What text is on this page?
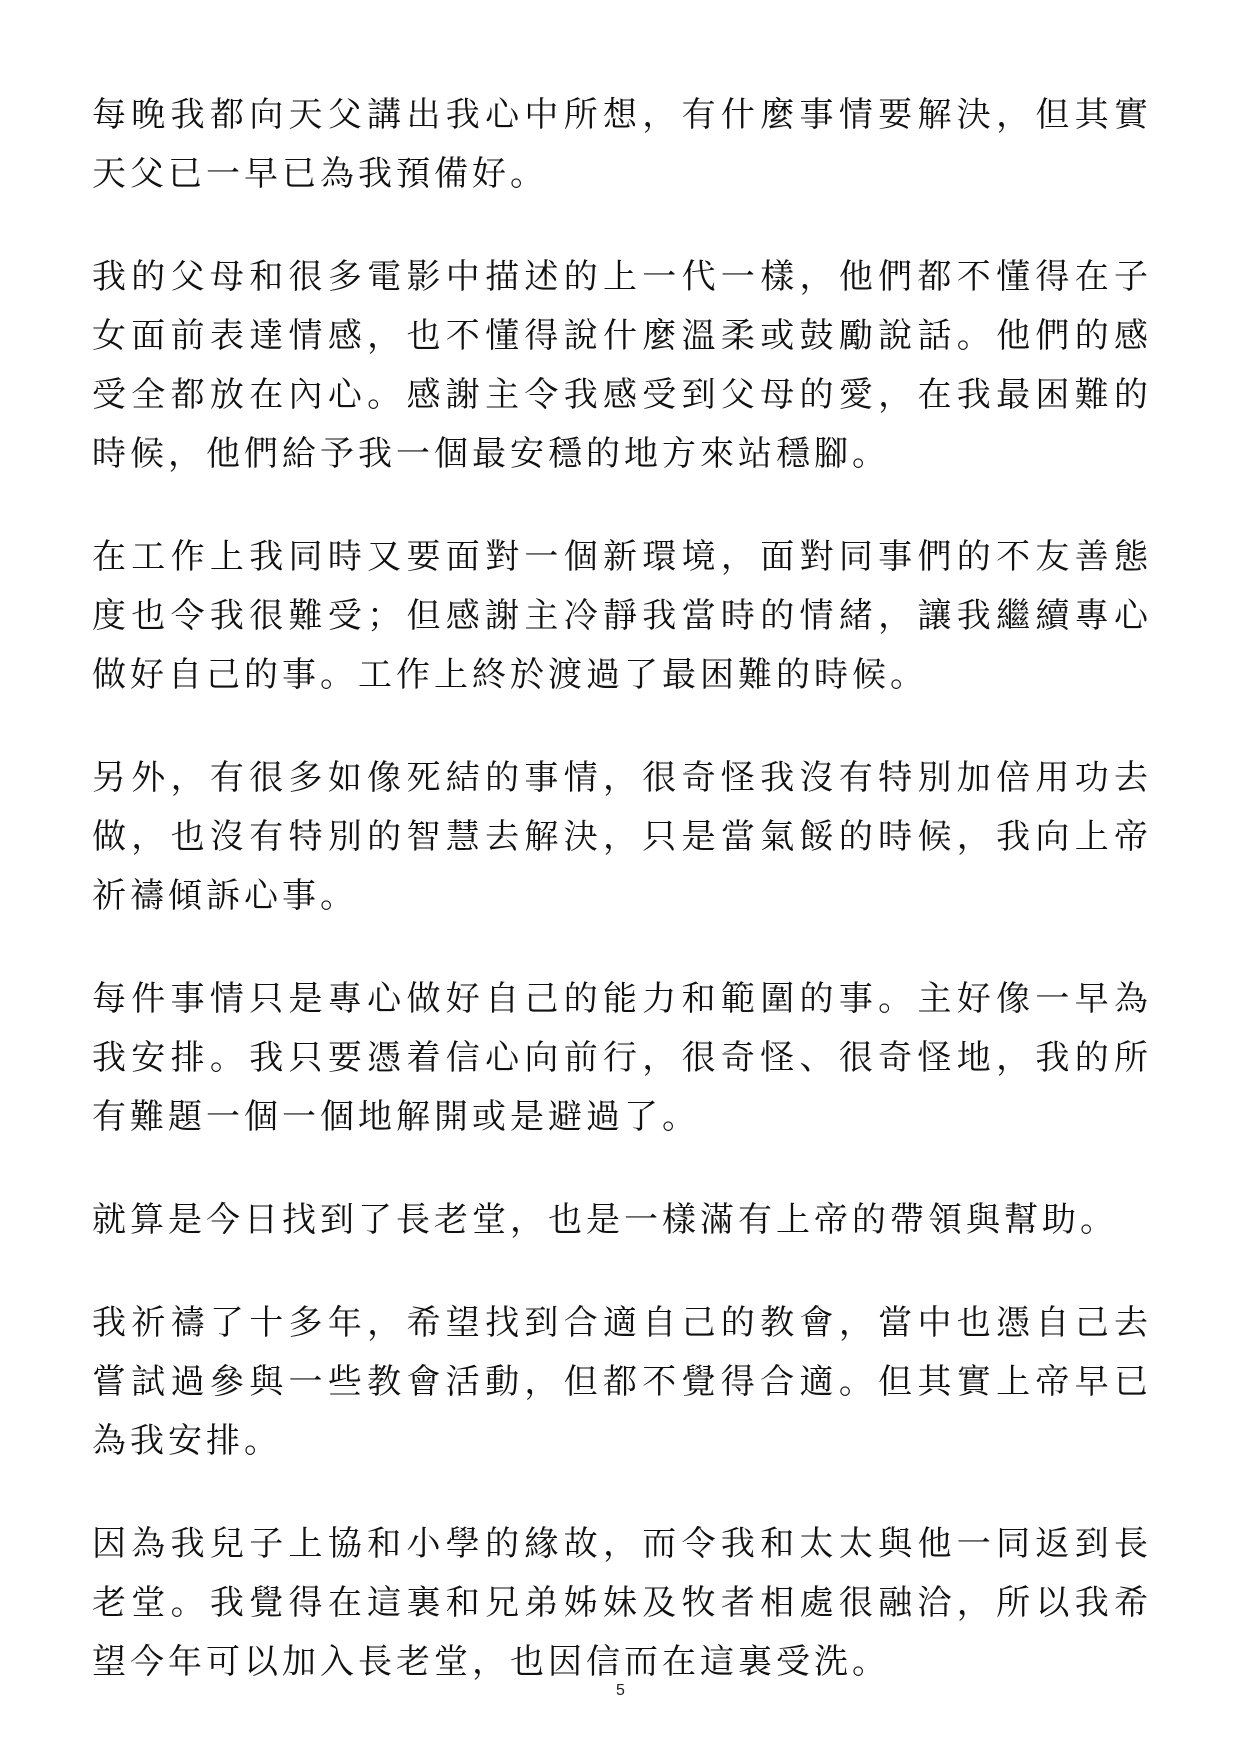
每晚我都向天父講出我心中所想，有什麼事情要解決，但其實天父已一早已為我預備好。

我的父母和很多電影中描述的上一代一樣，他們都不懂得在子女面前表達情感，也不懂得說什麼溫柔或鼓勵說話。他們的感受全都放在內心。感謝主令我感受到父母的愛，在我最困難的時候，他們給予我一個最安穩的地方來站穩腳。

在工作上我同時又要面對一個新環境，面對同事們的不友善態度也令我很難受；但感謝主冷靜我當時的情緒，讓我繼續專心做好自己的事。工作上終於渡過了最困難的時候。

另外，有很多如像死結的事情，很奇怪我沒有特別加倍用功去做，也沒有特別的智慧去解決，只是當氣餒的時候，我向上帝祈禱傾訴心事。

每件事情只是專心做好自己的能力和範圍的事。主好像一早為我安排。我只要憑着信心向前行，很奇怪、很奇怪地，我的所有難題一個一個地解開或是避過了。

就算是今日找到了長老堂，也是一樣滿有上帝的帶領與幫助。

我祈禱了十多年，希望找到合適自己的教會，當中也憑自己去嘗試過參與一些教會活動，但都不覺得合適。但其實上帝早已為我安排。

因為我兒子上協和小學的緣故，而令我和太太與他一同返到長老堂。我覺得在這裏和兄弟姊妹及牧者相處很融洽，所以我希望今年可以加入長老堂，也因信而在這裏受洗。

5
